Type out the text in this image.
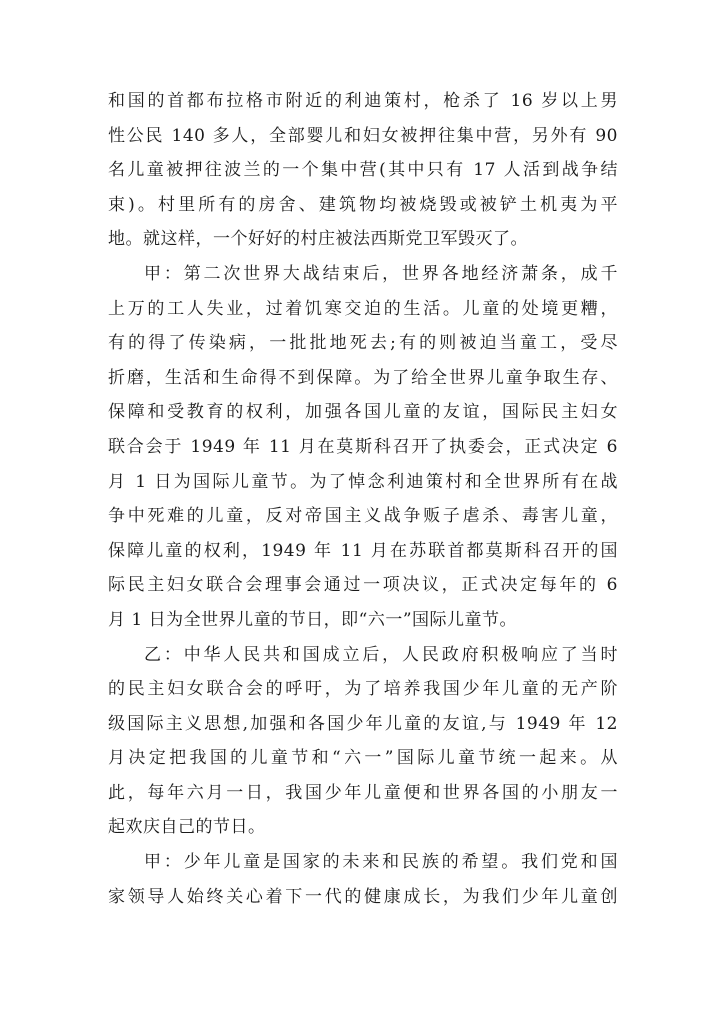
和国的首都布拉格市附近的利迪策村，枪杀了 16 岁以上男
性公民 140 多人，全部婴儿和妇女被押往集中营，另外有 90
名儿童被押往波兰的一个集中营(其中只有 17 人活到战争结
束)。村里所有的房舍、建筑物均被烧毁或被铲土机夷为平
地。就这样，一个好好的村庄被法西斯党卫军毁灭了。
甲：第二次世界大战结束后，世界各地经济萧条，成千
上万的工人失业，过着饥寒交迫的生活。儿童的处境更糟，
有的得了传染病，一批批地死去;有的则被迫当童工，受尽
折磨，生活和生命得不到保障。为了给全世界儿童争取生存、
保障和受教育的权利，加强各国儿童的友谊，国际民主妇女
联合会于 1949 年 11 月在莫斯科召开了执委会，正式决定 6
月 1 日为国际儿童节。为了悼念利迪策村和全世界所有在战
争中死难的儿童，反对帝国主义战争贩子虐杀、毒害儿童，
保障儿童的权利，1949 年 11 月在苏联首都莫斯科召开的国
际民主妇女联合会理事会通过一项决议，正式决定每年的 6
月 1 日为全世界儿童的节日，即“六一”国际儿童节。
乙：中华人民共和国成立后，人民政府积极响应了当时
的民主妇女联合会的呼吁，为了培养我国少年儿童的无产阶
级国际主义思想,加强和各国少年儿童的友谊,与 1949 年 12
月决定把我国的儿童节和“六一”国际儿童节统一起来。从
此，每年六月一日，我国少年儿童便和世界各国的小朋友一
起欢庆自己的节日。
甲：少年儿童是国家的未来和民族的希望。我们党和国
家领导人始终关心着下一代的健康成长，为我们少年儿童创
